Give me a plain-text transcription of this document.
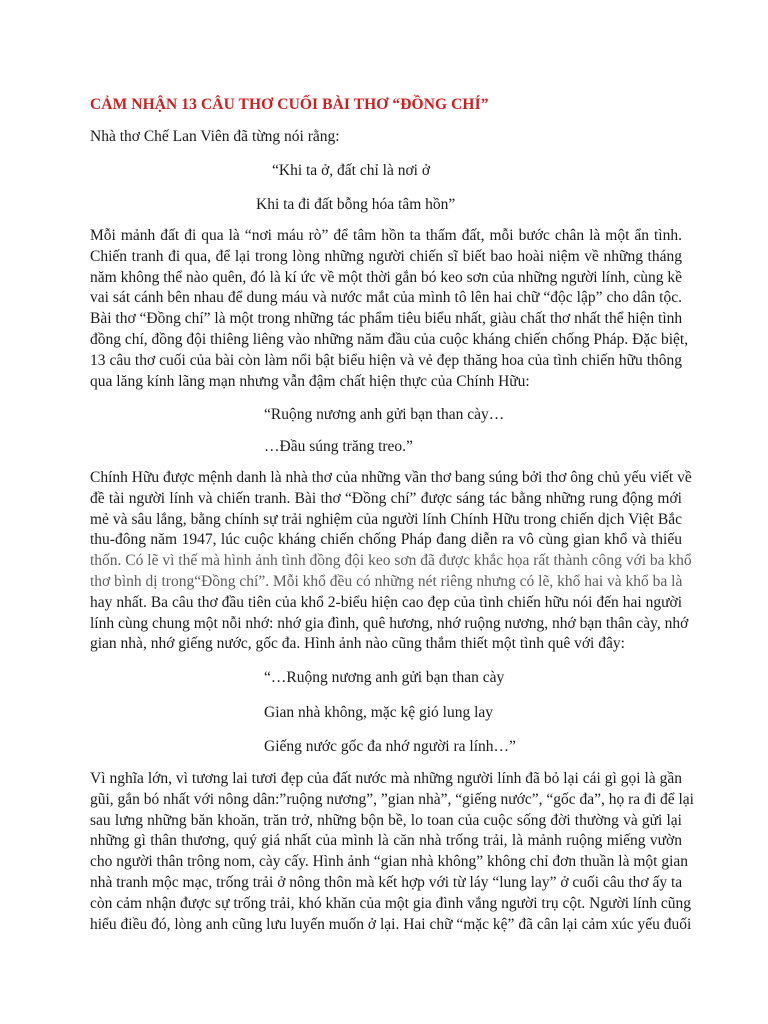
CẢM NHẬN 13 CÂU THƠ CUỐI BÀI THƠ “ĐỒNG CHÍ”
Nhà thơ Chế Lan Viên đã từng nói rằng:
“Khi ta ở, đất chỉ là nơi ở
Khi ta đi đất bỗng hóa tâm hồn”
Mỗi mảnh đất đi qua là “nơi máu rò” để tâm hồn ta thấm đất, mỗi bước chân là một ẩn tình.
Chiến tranh đi qua, để lại trong lòng những người chiến sĩ biết bao hoài niệm về những tháng
năm không thể nào quên, đó là kí ức về một thời gắn bó keo sơn của những người lính, cùng kề
vai sát cánh bên nhau để dung máu và nước mắt của mình tô lên hai chữ “độc lập” cho dân tộc.
Bài thơ “Đồng chí” là một trong những tác phẩm tiêu biểu nhất, giàu chất thơ nhất thể hiện tình
đồng chí, đồng đội thiêng liêng vào những năm đầu của cuộc kháng chiến chống Pháp. Đặc biệt,
13 câu thơ cuối của bài còn làm nổi bật biểu hiện và vẻ đẹp thăng hoa của tình chiến hữu thông
qua lăng kính lãng mạn nhưng vẫn đậm chất hiện thực của Chính Hữu:
“Ruộng nương anh gửi bạn than cày…
…Đầu súng trăng treo.”
Chính Hữu được mệnh danh là nhà thơ của những vần thơ bang súng bởi thơ ông chủ yếu viết về
đề tài người lính và chiến tranh. Bài thơ “Đồng chí” được sáng tác bằng những rung động mới
mẻ và sâu lắng, bằng chính sự trải nghiệm của người lính Chính Hữu trong chiến dịch Việt Bắc
thu-đông năm 1947, lúc cuộc kháng chiến chống Pháp đang diễn ra vô cùng gian khổ và thiếu
thốn. Có lẽ vì thế mà hình ảnh tình đồng đội keo sơn đã được khắc họa rất thành công với ba khổ
thơ bình dị trong“Đồng chí”. Mỗi khổ đều có những nét riêng nhưng có lẽ, khổ hai và khổ ba là
hay nhất. Ba câu thơ đầu tiên của khổ 2-biểu hiện cao đẹp của tình chiến hữu nói đến hai người
lính cùng chung một nỗi nhớ: nhớ gia đình, quê hương, nhớ ruộng nương, nhớ bạn thân cày, nhớ
gian nhà, nhớ giếng nước, gốc đa. Hình ảnh nào cũng thắm thiết một tình quê với đây:
“…Ruộng nương anh gửi bạn than cày
Gian nhà không, mặc kệ gió lung lay
Giếng nước gốc đa nhớ người ra lính…”
Vì nghĩa lớn, vì tương lai tươi đẹp của đất nước mà những người lính đã bỏ lại cái gì gọi là gần
gũi, gắn bó nhất với nông dân:”ruộng nương”, ”gian nhà”, “giếng nước”, “gốc đa”, họ ra đi để lại
sau lưng những băn khoăn, trăn trở, những bộn bề, lo toan của cuộc sống đời thường và gửi lại
những gì thân thương, quý giá nhất của mình là căn nhà trống trải, là mảnh ruộng miếng vườn
cho người thân trông nom, cày cấy. Hình ảnh “gian nhà không” không chỉ đơn thuần là một gian
nhà tranh mộc mạc, trống trải ở nông thôn mà kết hợp với từ láy “lung lay” ở cuối câu thơ ấy ta
còn cảm nhận được sự trống trải, khó khăn của một gia đình vắng người trụ cột. Người lính cũng
hiểu điều đó, lòng anh cũng lưu luyến muốn ở lại. Hai chữ “mặc kệ” đã cân lại cảm xúc yếu đuối
